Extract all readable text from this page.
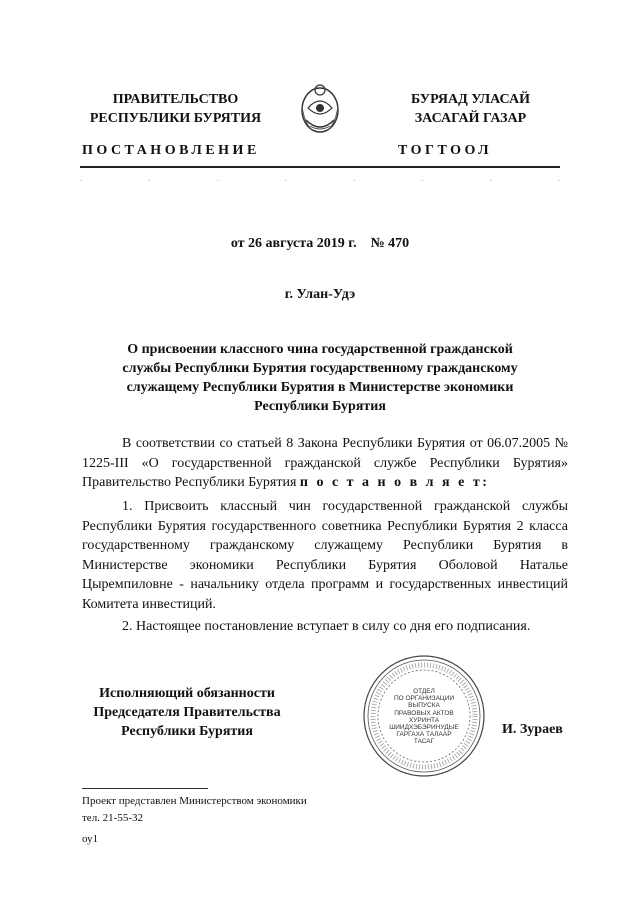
ПРАВИТЕЛЬСТВО
РЕСПУБЛИКИ БУРЯТИЯ
БУРЯАД УЛАСАЙ
ЗАСАГАЙ ГАЗАР
ПОСТАНОВЛЕНИЕ	ТОГТООЛ
.	.	.	.	.	.	.	.
от 26 августа 2019 г.    № 470
г. Улан-Удэ
О присвоении классного чина государственной гражданской
службы Республики Бурятия государственному гражданскому
служащему Республики Бурятия в Министерстве экономики
Республики Бурятия
В соответствии со статьей 8 Закона Республики Бурятия от 06.07.2005 № 1225-III «О государственной гражданской службе Республики Бурятия» Правительство Республики Бурятия п о с т а н о в л я е т:
1. Присвоить классный чин государственной гражданской службы Республики Бурятия государственного советника Республики Бурятия 2 класса государственному гражданскому служащему Республики Бурятия в Министерстве экономики Республики Бурятия Оболовой Наталье Цыремпиловне - начальнику отдела программ и государственных инвестиций Комитета инвестиций.
2. Настоящее постановление вступает в силу со дня его подписания.
Исполняющий обязанности
Председателя Правительства
Республики Бурятия
ОТДЕЛ
ПО ОРГАНИЗАЦИИ
ВЫПУСКА
ПРАВОВЫХ АКТОВ
ХУРИНТА
ШИИДХЭБЭРИНУДЫЕ
ГАРГАХА ТАЛААР
ТАСАГ
И. Зураев
Проект представлен Министерством экономики
тел. 21-55-32
оу1
